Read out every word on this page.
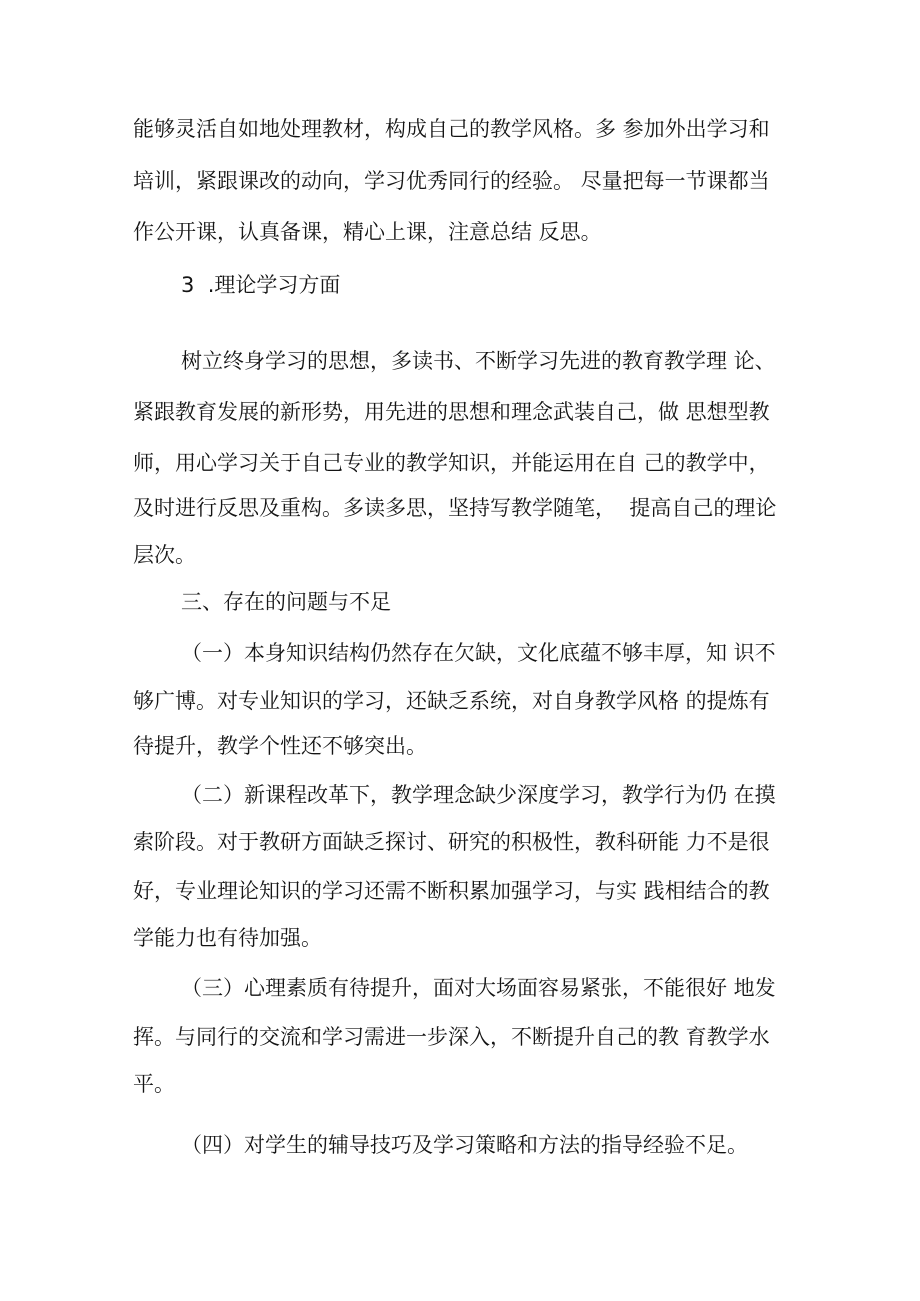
能够灵活自如地处理教材，构成自己的教学风格。多 参加外出学习和
培训，紧跟课改的动向，学习优秀同行的经验。 尽量把每一节课都当
作公开课，认真备课，精心上课，注意总结 反思。
3  .理论学习方面
树立终身学习的思想，多读书、不断学习先进的教育教学理 论、
紧跟教育发展的新形势，用先进的思想和理念武装自己，做 思想型教
师，用心学习关于自己专业的教学知识，并能运用在自 己的教学中，
及时进行反思及重构。多读多思，坚持写教学随笔，  提高自己的理论
层次。
三、存在的问题与不足
（一）本身知识结构仍然存在欠缺，文化底蕴不够丰厚，知 识不
够广博。对专业知识的学习，还缺乏系统，对自身教学风格 的提炼有
待提升，教学个性还不够突出。
（二）新课程改革下，教学理念缺少深度学习，教学行为仍 在摸
索阶段。对于教研方面缺乏探讨、研究的积极性，教科研能 力不是很
好，专业理论知识的学习还需不断积累加强学习，与实 践相结合的教
学能力也有待加强。
（三）心理素质有待提升，面对大场面容易紧张，不能很好 地发
挥。与同行的交流和学习需进一步深入，不断提升自己的教 育教学水
平。
（四）对学生的辅导技巧及学习策略和方法的指导经验不足。
